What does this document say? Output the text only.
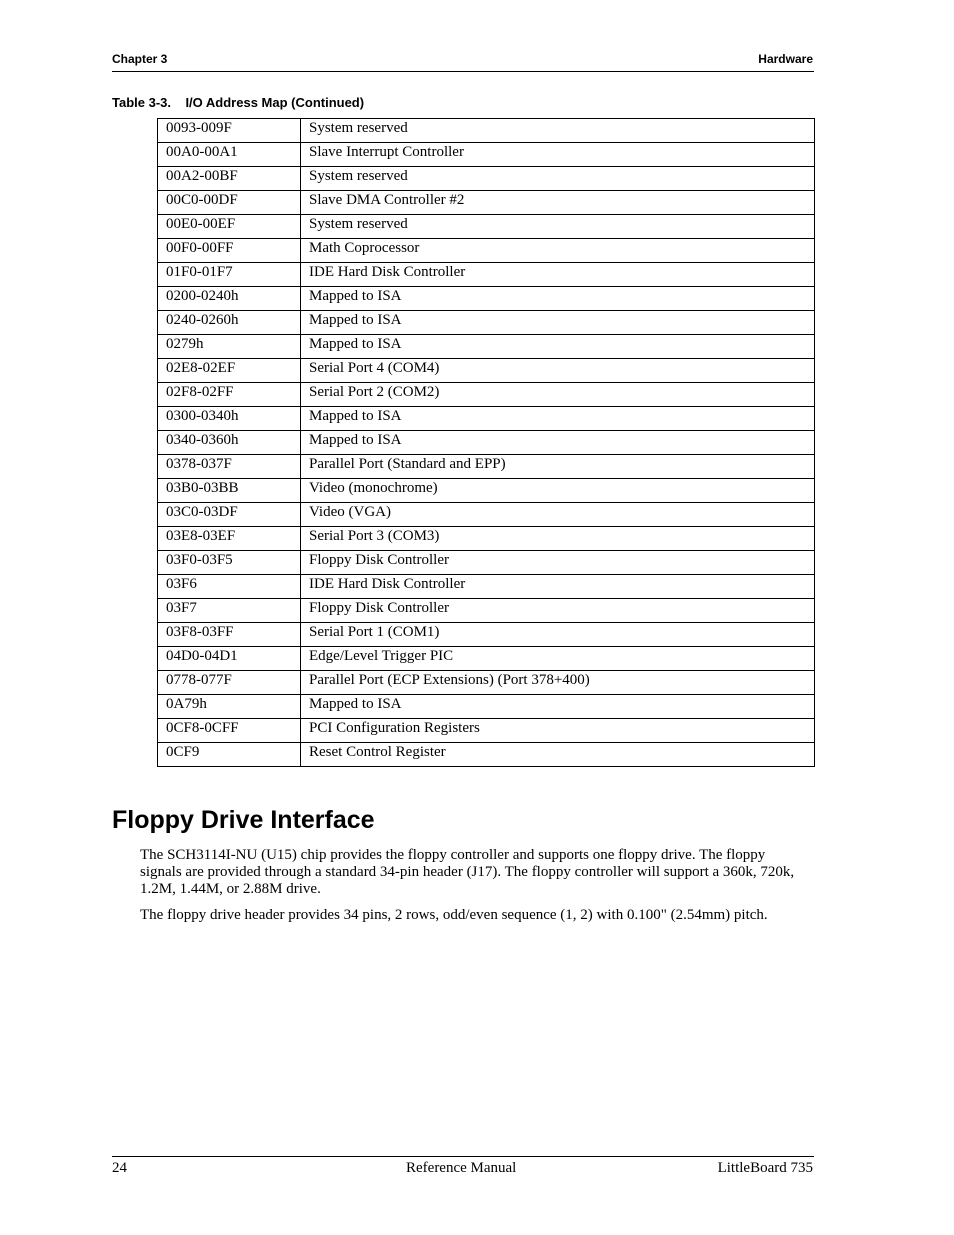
Chapter 3	Hardware
Table 3-3.    I/O Address Map (Continued)
0093-009F	System reserved
00A0-00A1	Slave Interrupt Controller
00A2-00BF	System reserved
00C0-00DF	Slave DMA Controller #2
00E0-00EF	System reserved
00F0-00FF	Math Coprocessor
01F0-01F7	IDE Hard Disk Controller
0200-0240h	Mapped to ISA
0240-0260h	Mapped to ISA
0279h	Mapped to ISA
02E8-02EF	Serial Port 4 (COM4)
02F8-02FF	Serial Port 2 (COM2)
0300-0340h	Mapped to ISA
0340-0360h	Mapped to ISA
0378-037F	Parallel Port (Standard and EPP)
03B0-03BB	Video (monochrome)
03C0-03DF	Video (VGA)
03E8-03EF	Serial Port 3 (COM3)
03F0-03F5	Floppy Disk Controller
03F6	IDE Hard Disk Controller
03F7	Floppy Disk Controller
03F8-03FF	Serial Port 1 (COM1)
04D0-04D1	Edge/Level Trigger PIC
0778-077F	Parallel Port (ECP Extensions) (Port 378+400)
0A79h	Mapped to ISA
0CF8-0CFF	PCI Configuration Registers
0CF9	Reset Control Register
Floppy Drive Interface

The SCH3114I-NU (U15) chip provides the floppy controller and supports one floppy drive. The floppy signals are provided through a standard 34-pin header (J17). The floppy controller will support a 360k, 720k, 1.2M, 1.44M, or 2.88M drive.

The floppy drive header provides 34 pins, 2 rows, odd/even sequence (1, 2) with 0.100" (2.54mm) pitch.

24	Reference Manual	LittleBoard 735
